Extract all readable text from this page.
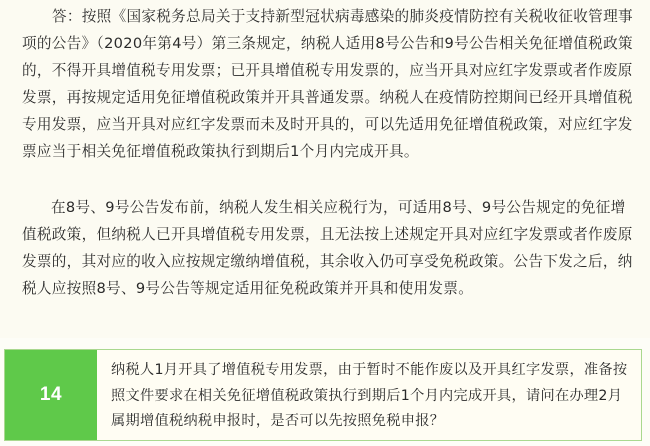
答：按照《国家税务总局关于支持新型冠状病毒感染的肺炎疫情防控有关税收征收管理事项的公告》（2020年第4号）第三条规定，纳税人适用8号公告和9号公告相关免征增值税政策的，不得开具增值税专用发票；已开具增值税专用发票的，应当开具对应红字发票或者作废原发票，再按规定适用免征增值税政策并开具普通发票。纳税人在疫情防控期间已经开具增值税专用发票，应当开具对应红字发票而未及时开具的，可以先适用免征增值税政策，对应红字发票应当于相关免征增值税政策执行到期后1个月内完成开具。

在8号、9号公告发布前，纳税人发生相关应税行为，可适用8号、9号公告规定的免征增值税政策，但纳税人已开具增值税专用发票，且无法按上述规定开具对应红字发票或者作废原发票的，其对应的收入应按规定缴纳增值税，其余收入仍可享受免税政策。公告下发之后，纳税人应按照8号、9号公告等规定适用征免税政策并开具和使用发票。

14
纳税人1月开具了增值税专用发票，由于暂时不能作废以及开具红字发票，准备按照文件要求在相关免征增值税政策执行到期后1个月内完成开具，请问在办理2月属期增值税纳税申报时，是否可以先按照免税申报？
